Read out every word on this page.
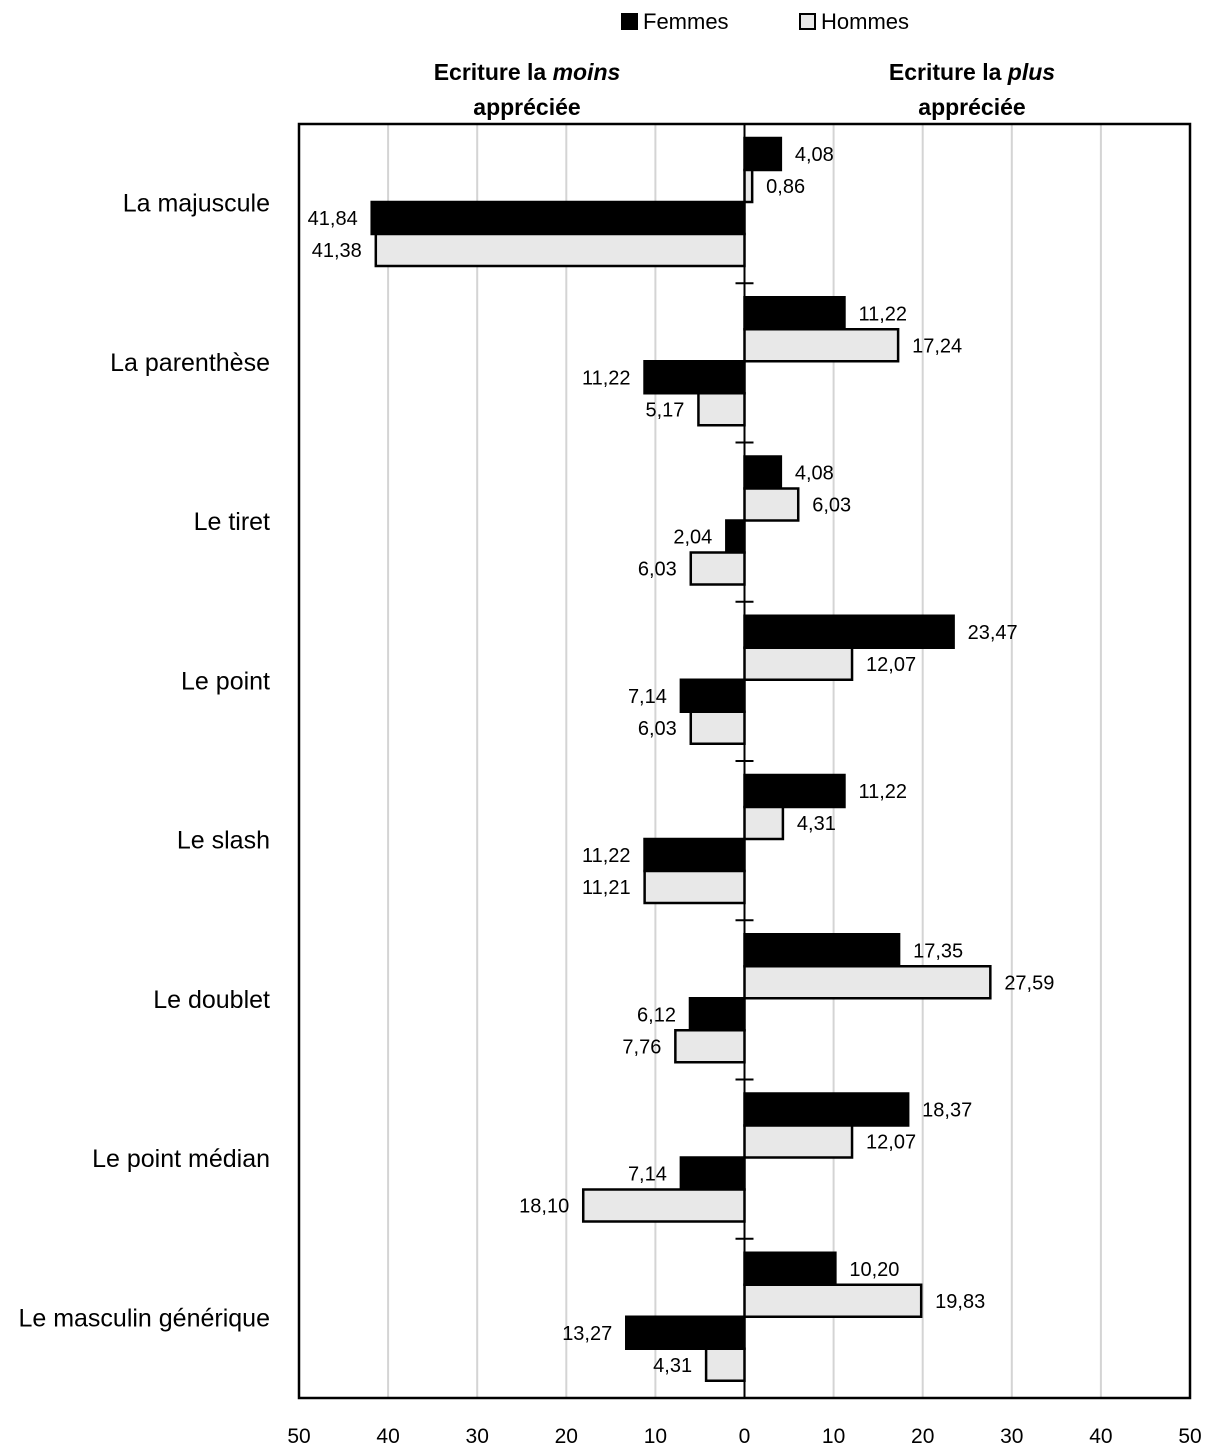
4,08
0,86
41,84
41,38
La majuscule
11,22
17,24
11,22
5,17
La parenthèse
4,08
6,03
2,04
6,03
Le tiret
23,47
12,07
7,14
6,03
Le point
11,22
4,31
11,22
11,21
Le slash
17,35
27,59
6,12
7,76
Le doublet
18,37
12,07
7,14
18,10
Le point médian
10,20
19,83
13,27
4,31
Le masculin générique
50	40	30	20	10	0	10	20	30	40	50
Femmes	Hommes
Ecriture la moins
appréciée
Ecriture la plus
appréciée
